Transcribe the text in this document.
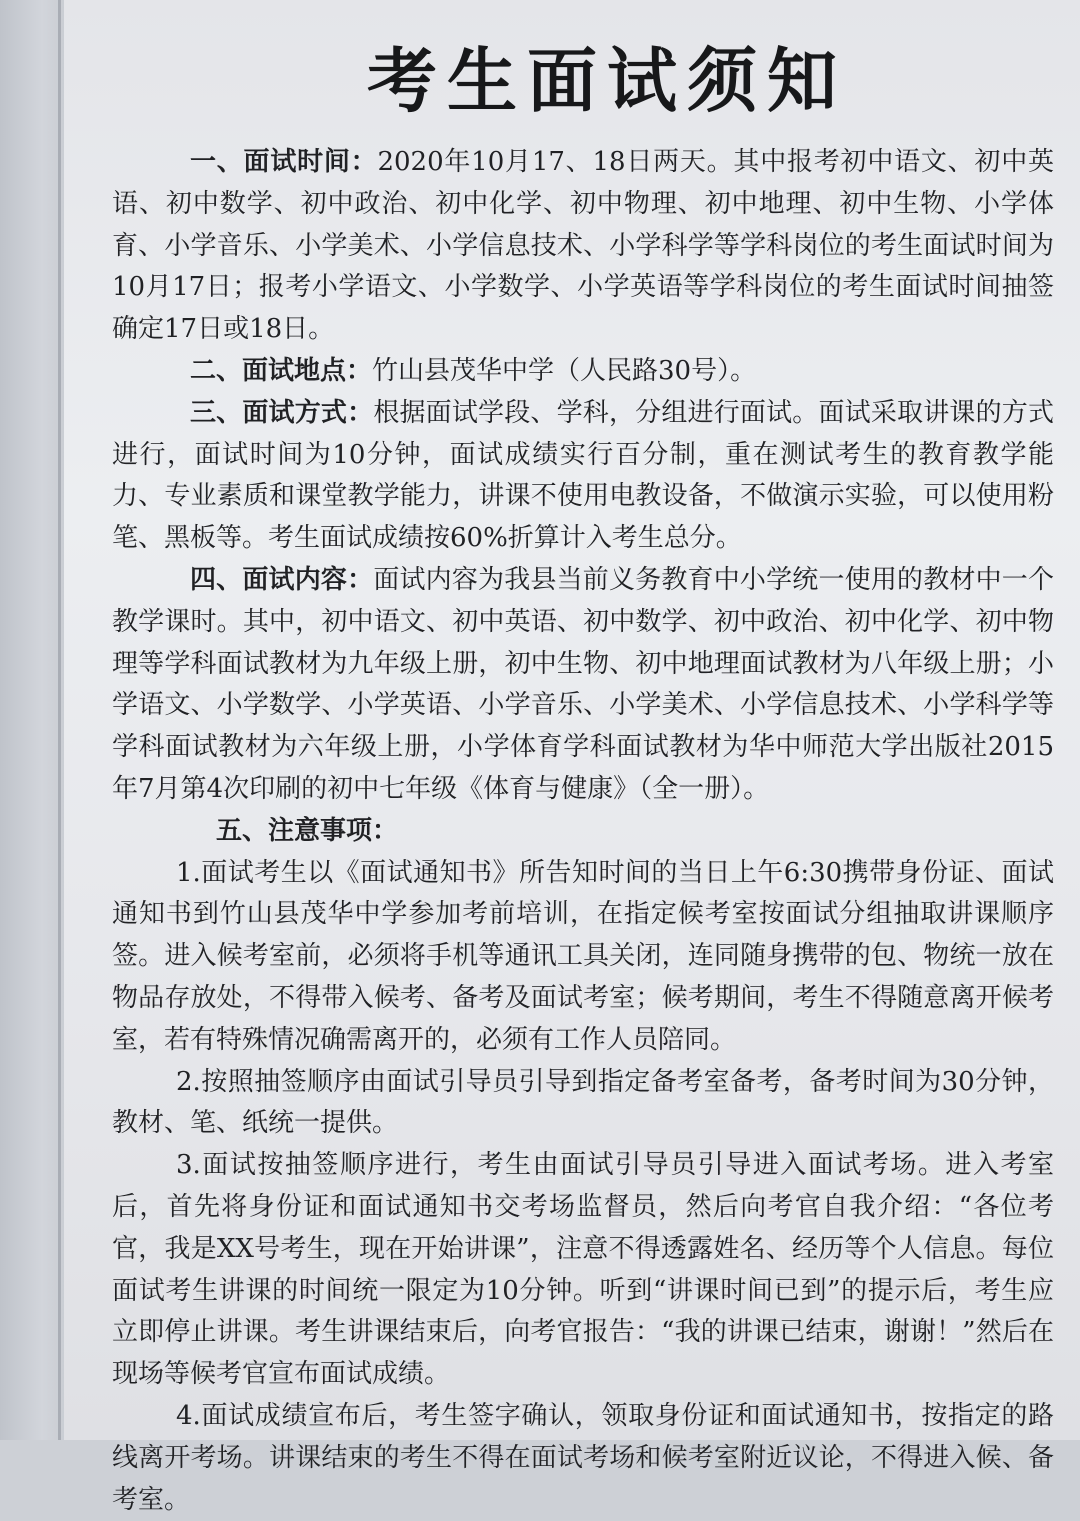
考生面试须知

一、面试时间：2020年10月17、18日两天。其中报考初中语文、初中英语、初中数学、初中政治、初中化学、初中物理、初中地理、初中生物、小学体育、小学音乐、小学美术、小学信息技术、小学科学等学科岗位的考生面试时间为10月17日；报考小学语文、小学数学、小学英语等学科岗位的考生面试时间抽签确定17日或18日。

二、面试地点：竹山县茂华中学（人民路30号）。

三、面试方式：根据面试学段、学科，分组进行面试。面试采取讲课的方式进行，面试时间为10分钟，面试成绩实行百分制，重在测试考生的教育教学能力、专业素质和课堂教学能力，讲课不使用电教设备，不做演示实验，可以使用粉笔、黑板等。考生面试成绩按60%折算计入考生总分。

四、面试内容：面试内容为我县当前义务教育中小学统一使用的教材中一个教学课时。其中，初中语文、初中英语、初中数学、初中政治、初中化学、初中物理等学科面试教材为九年级上册，初中生物、初中地理面试教材为八年级上册；小学语文、小学数学、小学英语、小学音乐、小学美术、小学信息技术、小学科学等学科面试教材为六年级上册，小学体育学科面试教材为华中师范大学出版社2015年7月第4次印刷的初中七年级《体育与健康》（全一册）。

五、注意事项：

1.面试考生以《面试通知书》所告知时间的当日上午6:30携带身份证、面试通知书到竹山县茂华中学参加考前培训，在指定候考室按面试分组抽取讲课顺序签。进入候考室前，必须将手机等通讯工具关闭，连同随身携带的包、物统一放在物品存放处，不得带入候考、备考及面试考室；候考期间，考生不得随意离开候考室，若有特殊情况确需离开的，必须有工作人员陪同。

2.按照抽签顺序由面试引导员引导到指定备考室备考，备考时间为30分钟，教材、笔、纸统一提供。

3.面试按抽签顺序进行，考生由面试引导员引导进入面试考场。进入考室后，首先将身份证和面试通知书交考场监督员，然后向考官自我介绍：“各位考官，我是XX号考生，现在开始讲课”，注意不得透露姓名、经历等个人信息。每位面试考生讲课的时间统一限定为10分钟。听到“讲课时间已到”的提示后，考生应立即停止讲课。考生讲课结束后，向考官报告：“我的讲课已结束，谢谢！”然后在现场等候考官宣布面试成绩。

4.面试成绩宣布后，考生签字确认，领取身份证和面试通知书，按指定的路线离开考场。讲课结束的考生不得在面试考场和候考室附近议论，不得进入候、备考室。
